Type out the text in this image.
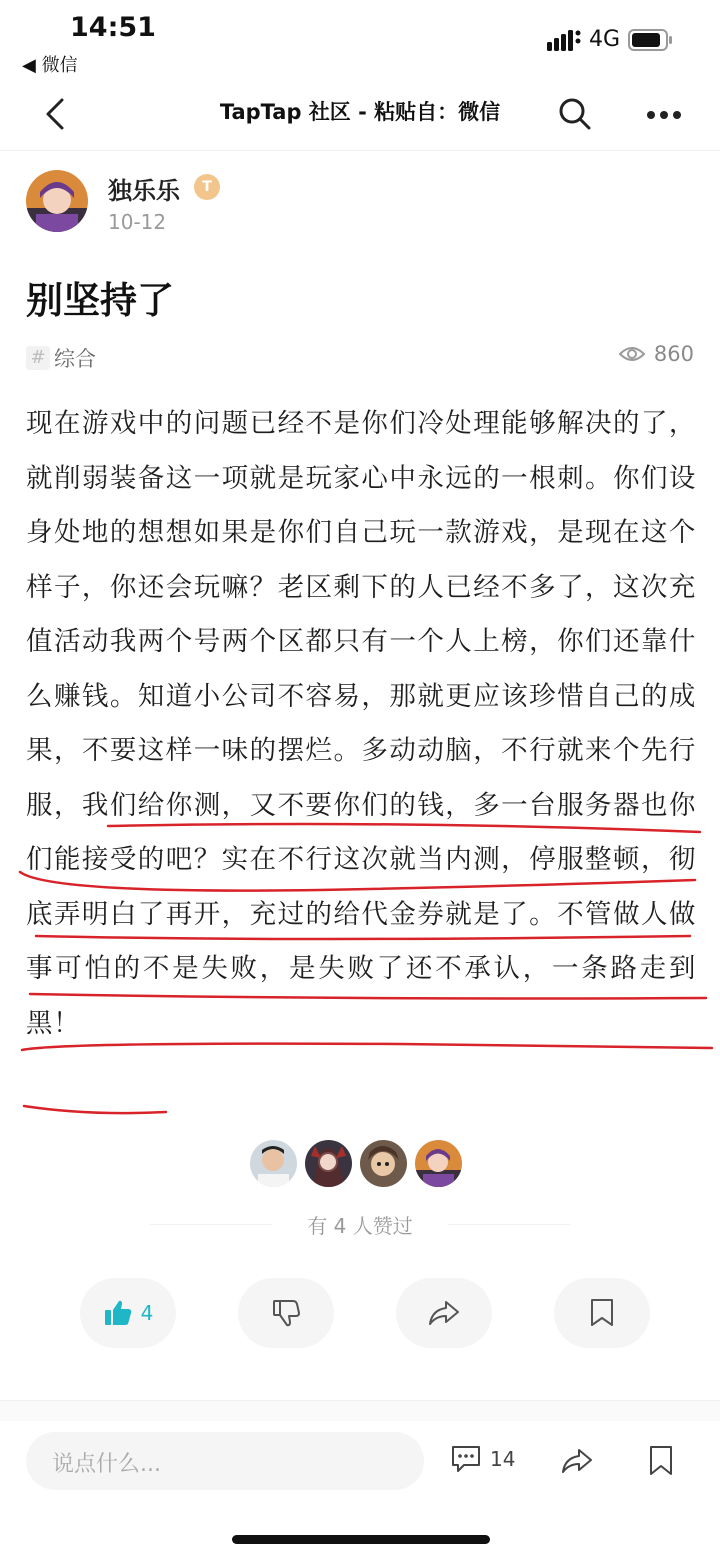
14:51
◀ 微信
4G
TapTap 社区 - 粘贴自：微信
独乐乐	T
10-12
别坚持了
# 综合	860
现在游戏中的问题已经不是你们冷处理能够解决的了，就削弱装备这一项就是玩家心中永远的一根刺。你们设身处地的想想如果是你们自己玩一款游戏，是现在这个样子，你还会玩嘛？老区剩下的人已经不多了，这次充值活动我两个号两个区都只有一个人上榜，你们还靠什么赚钱。知道小公司不容易，那就更应该珍惜自己的成果，不要这样一味的摆烂。多动动脑，不行就来个先行服，我们给你测，又不要你们的钱，多一台服务器也你们能接受的吧？实在不行这次就当内测，停服整顿，彻底弄明白了再开，充过的给代金券就是了。不管做人做事可怕的不是失败，是失败了还不承认，一条路走到黑！
有 4 人赞过
4
说点什么...	14
